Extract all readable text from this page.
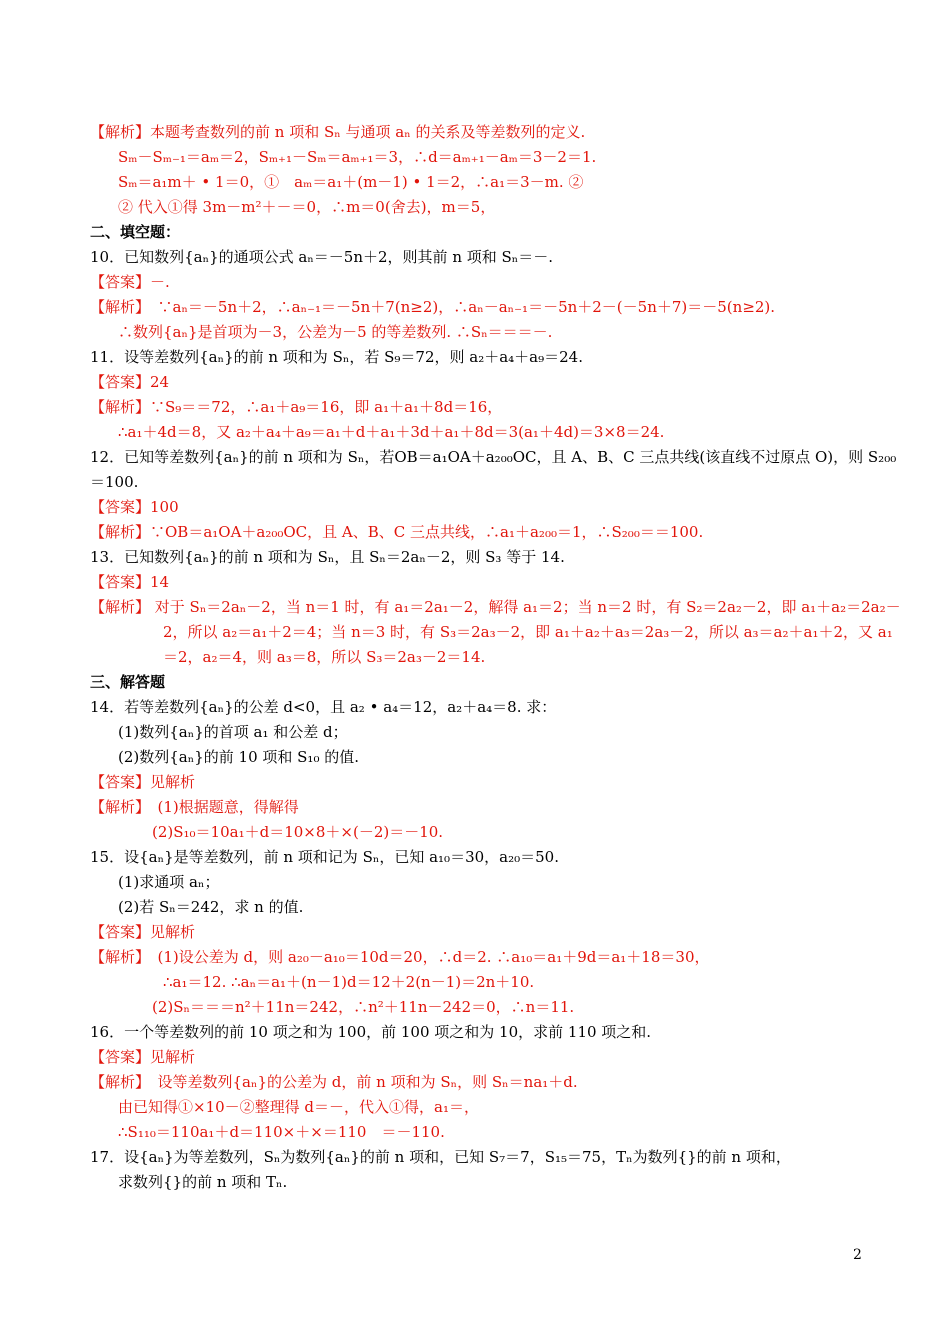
【解析】本题考查数列的前 n 项和 Sₙ 与通项 aₙ 的关系及等差数列的定义.
Sₘ－Sₘ₋₁＝aₘ＝2，Sₘ₊₁－Sₘ＝aₘ₊₁＝3，∴d＝aₘ₊₁－aₘ＝3－2＝1.
Sₘ＝a₁m＋ • 1＝0，①　aₘ＝a₁＋(m－1) • 1＝2，∴a₁＝3－m. ②
② 代入①得 3m－m²＋－＝0，∴m＝0(舍去)，m＝5，
二、填空题：
10．已知数列{aₙ}的通项公式 aₙ＝－5n＋2，则其前 n 项和 Sₙ＝－.
【答案】－.
【解析】　∵aₙ＝－5n＋2，∴aₙ₋₁＝－5n＋7(n≥2)，∴aₙ－aₙ₋₁＝－5n＋2－(－5n＋7)＝－5(n≥2).
∴数列{aₙ}是首项为－3，公差为－5 的等差数列. ∴Sₙ＝＝＝－.
11．设等差数列{aₙ}的前 n 项和为 Sₙ，若 S₉＝72，则 a₂＋a₄＋a₉＝24.
【答案】24
【解析】∵S₉＝＝72，∴a₁＋a₉＝16，即 a₁＋a₁＋8d＝16，
∴a₁＋4d＝8，又 a₂＋a₄＋a₉＝a₁＋d＋a₁＋3d＋a₁＋8d＝3(a₁＋4d)＝3×8＝24.
12．已知等差数列{aₙ}的前 n 项和为 Sₙ，若OB＝a₁OA＋a₂₀₀OC，且 A、B、C 三点共线(该直线不过原点 O)，则 S₂₀₀
＝100.
【答案】100
【解析】∵OB＝a₁OA＋a₂₀₀OC，且 A、B、C 三点共线，∴a₁＋a₂₀₀＝1，∴S₂₀₀＝＝100.
13．已知数列{aₙ}的前 n 项和为 Sₙ，且 Sₙ＝2aₙ－2，则 S₃ 等于 14.
【答案】14
【解析】 对于 Sₙ＝2aₙ－2，当 n＝1 时，有 a₁＝2a₁－2，解得 a₁＝2；当 n＝2 时，有 S₂＝2a₂－2，即 a₁＋a₂＝2a₂－
2，所以 a₂＝a₁＋2＝4；当 n＝3 时，有 S₃＝2a₃－2，即 a₁＋a₂＋a₃＝2a₃－2，所以 a₃＝a₂＋a₁＋2，又 a₁
＝2，a₂＝4，则 a₃＝8，所以 S₃＝2a₃－2＝14.
三、解答题
14．若等差数列{aₙ}的公差 d<0，且 a₂ • a₄＝12，a₂＋a₄＝8. 求：
(1)数列{aₙ}的首项 a₁ 和公差 d；
(2)数列{aₙ}的前 10 项和 S₁₀ 的值.
【答案】见解析
【解析】　(1)根据题意，得解得
(2)S₁₀＝10a₁＋d＝10×8＋×(－2)＝－10.
15．设{aₙ}是等差数列，前 n 项和记为 Sₙ，已知 a₁₀＝30，a₂₀＝50.
(1)求通项 aₙ；
(2)若 Sₙ＝242，求 n 的值.
【答案】见解析
【解析】　(1)设公差为 d，则 a₂₀－a₁₀＝10d＝20，∴d＝2. ∴a₁₀＝a₁＋9d＝a₁＋18＝30，
∴a₁＝12. ∴aₙ＝a₁＋(n－1)d＝12＋2(n－1)＝2n＋10.
(2)Sₙ＝＝＝n²＋11n＝242，∴n²＋11n－242＝0，∴n＝11.
16．一个等差数列的前 10 项之和为 100，前 100 项之和为 10，求前 110 项之和.
【答案】见解析
【解析】　设等差数列{aₙ}的公差为 d，前 n 项和为 Sₙ，则 Sₙ＝na₁＋d.
由已知得①×10－②整理得 d＝－，代入①得，a₁＝，
∴S₁₁₀＝110a₁＋d＝110×＋×＝110　＝－110.
17．设{aₙ}为等差数列，Sₙ为数列{aₙ}的前 n 项和，已知 S₇＝7，S₁₅＝75，Tₙ为数列{}的前 n 项和，
求数列{}的前 n 项和 Tₙ.
2
